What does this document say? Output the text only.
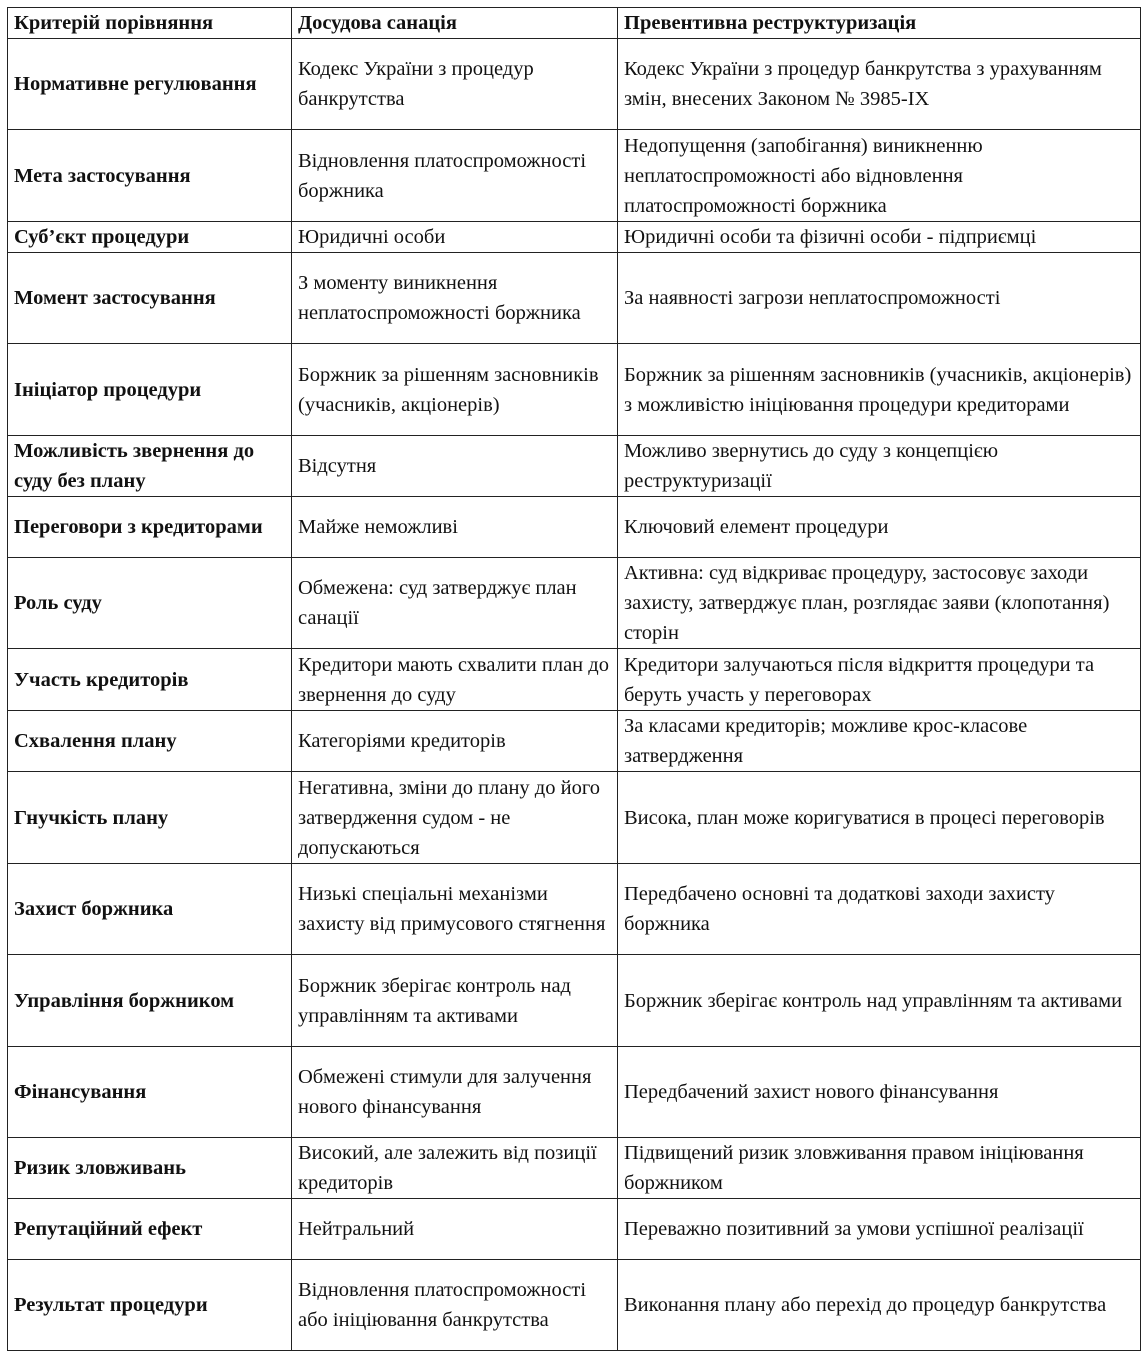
Критерій порівняння	Досудова санація	Превентивна реструктуризація
Нормативне регулювання	Кодекс України з процедур банкрутства	Кодекс України з процедур банкрутства з урахуванням змін, внесених Законом № 3985-IX
Мета застосування	Відновлення платоспроможності боржника	Недопущення (запобігання) виникненню неплатоспроможності або відновлення платоспроможності боржника
Суб’єкт процедури	Юридичні особи	Юридичні особи та фізичні особи - підприємці
Момент застосування	З моменту виникнення неплатоспроможності боржника	За наявності загрози неплатоспроможності
Ініціатор процедури	Боржник за рішенням засновників (учасників, акціонерів)	Боржник за рішенням засновників (учасників, акціонерів) з можливістю ініціювання процедури кредиторами
Можливість звернення до суду без плану	Відсутня	Можливо звернутись до суду з концепцією реструктуризації
Переговори з кредиторами	Майже неможливі	Ключовий елемент процедури
Роль суду	Обмежена: суд затверджує план санації	Активна: суд відкриває процедуру, застосовує заходи захисту, затверджує план, розглядає заяви (клопотання) сторін
Участь кредиторів	Кредитори мають схвалити план до звернення до суду	Кредитори залучаються після відкриття процедури та беруть участь у переговорах
Схвалення плану	Категоріями кредиторів	За класами кредиторів; можливе крос-класове затвердження
Гнучкість плану	Негативна, зміни до плану до його затвердження судом - не допускаються	Висока, план може коригуватися в процесі переговорів
Захист боржника	Низькі спеціальні механізми захисту від примусового стягнення	Передбачено основні та додаткові заходи захисту боржника
Управління боржником	Боржник зберігає контроль над управлінням та активами	Боржник зберігає контроль над управлінням та активами
Фінансування	Обмежені стимули для залучення нового фінансування	Передбачений захист нового фінансування
Ризик зловживань	Високий, але залежить від позиції кредиторів	Підвищений ризик зловживання правом ініціювання боржником
Репутаційний ефект	Нейтральний	Переважно позитивний за умови успішної реалізації
Результат процедури	Відновлення платоспроможності або ініціювання банкрутства	Виконання плану або перехід до процедур банкрутства
